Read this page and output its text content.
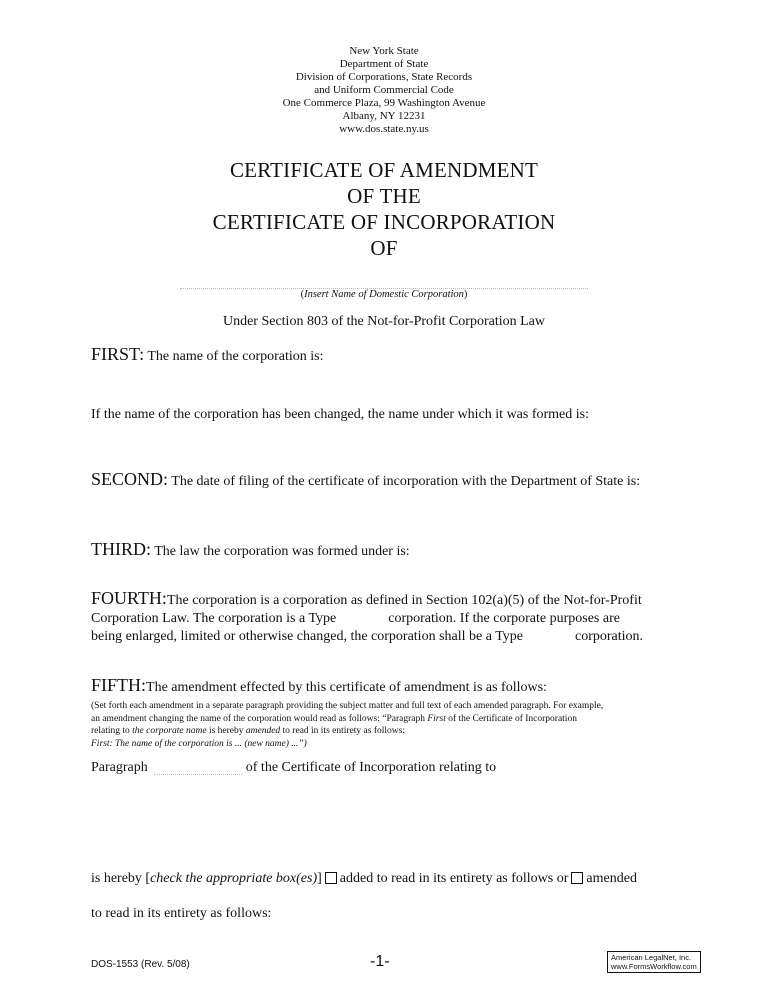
New York State
Department of State
Division of Corporations, State Records
and Uniform Commercial Code
One Commerce Plaza, 99 Washington Avenue
Albany, NY 12231
www.dos.state.ny.us
CERTIFICATE OF AMENDMENT
OF THE
CERTIFICATE OF INCORPORATION
OF
(Insert Name of Domestic Corporation)
Under Section 803 of the Not-for-Profit Corporation Law
FIRST: The name of the corporation is:
If the name of the corporation has been changed, the name under which it was formed is:
SECOND: The date of filing of the certificate of incorporation with the Department of State is:
THIRD: The law the corporation was formed under is:
FOURTH:The corporation is a corporation as defined in Section 102(a)(5) of the Not-for-Profit
Corporation Law. The corporation is a Type	corporation. If the corporate purposes are
being enlarged, limited or otherwise changed, the corporation shall be a Type	corporation.
FIFTH:The amendment effected by this certificate of amendment is as follows:
(Set forth each amendment in a separate paragraph providing the subject matter and full text of each amended paragraph. For example,
an amendment changing the name of the corporation would read as follows: “Paragraph First of the Certificate of Incorporation
relating to the corporate name is hereby amended to read in its entirety as follows:
First: The name of the corporation is ... (new name) ...”)
Paragraph	of the Certificate of Incorporation relating to
is hereby [check the appropriate box(es)] added to read in its entirety as follows or amended
to read in its entirety as follows:
DOS-1553 (Rev. 5/08)	-1-	American LegalNet, Inc.
www.FormsWorkflow.com
